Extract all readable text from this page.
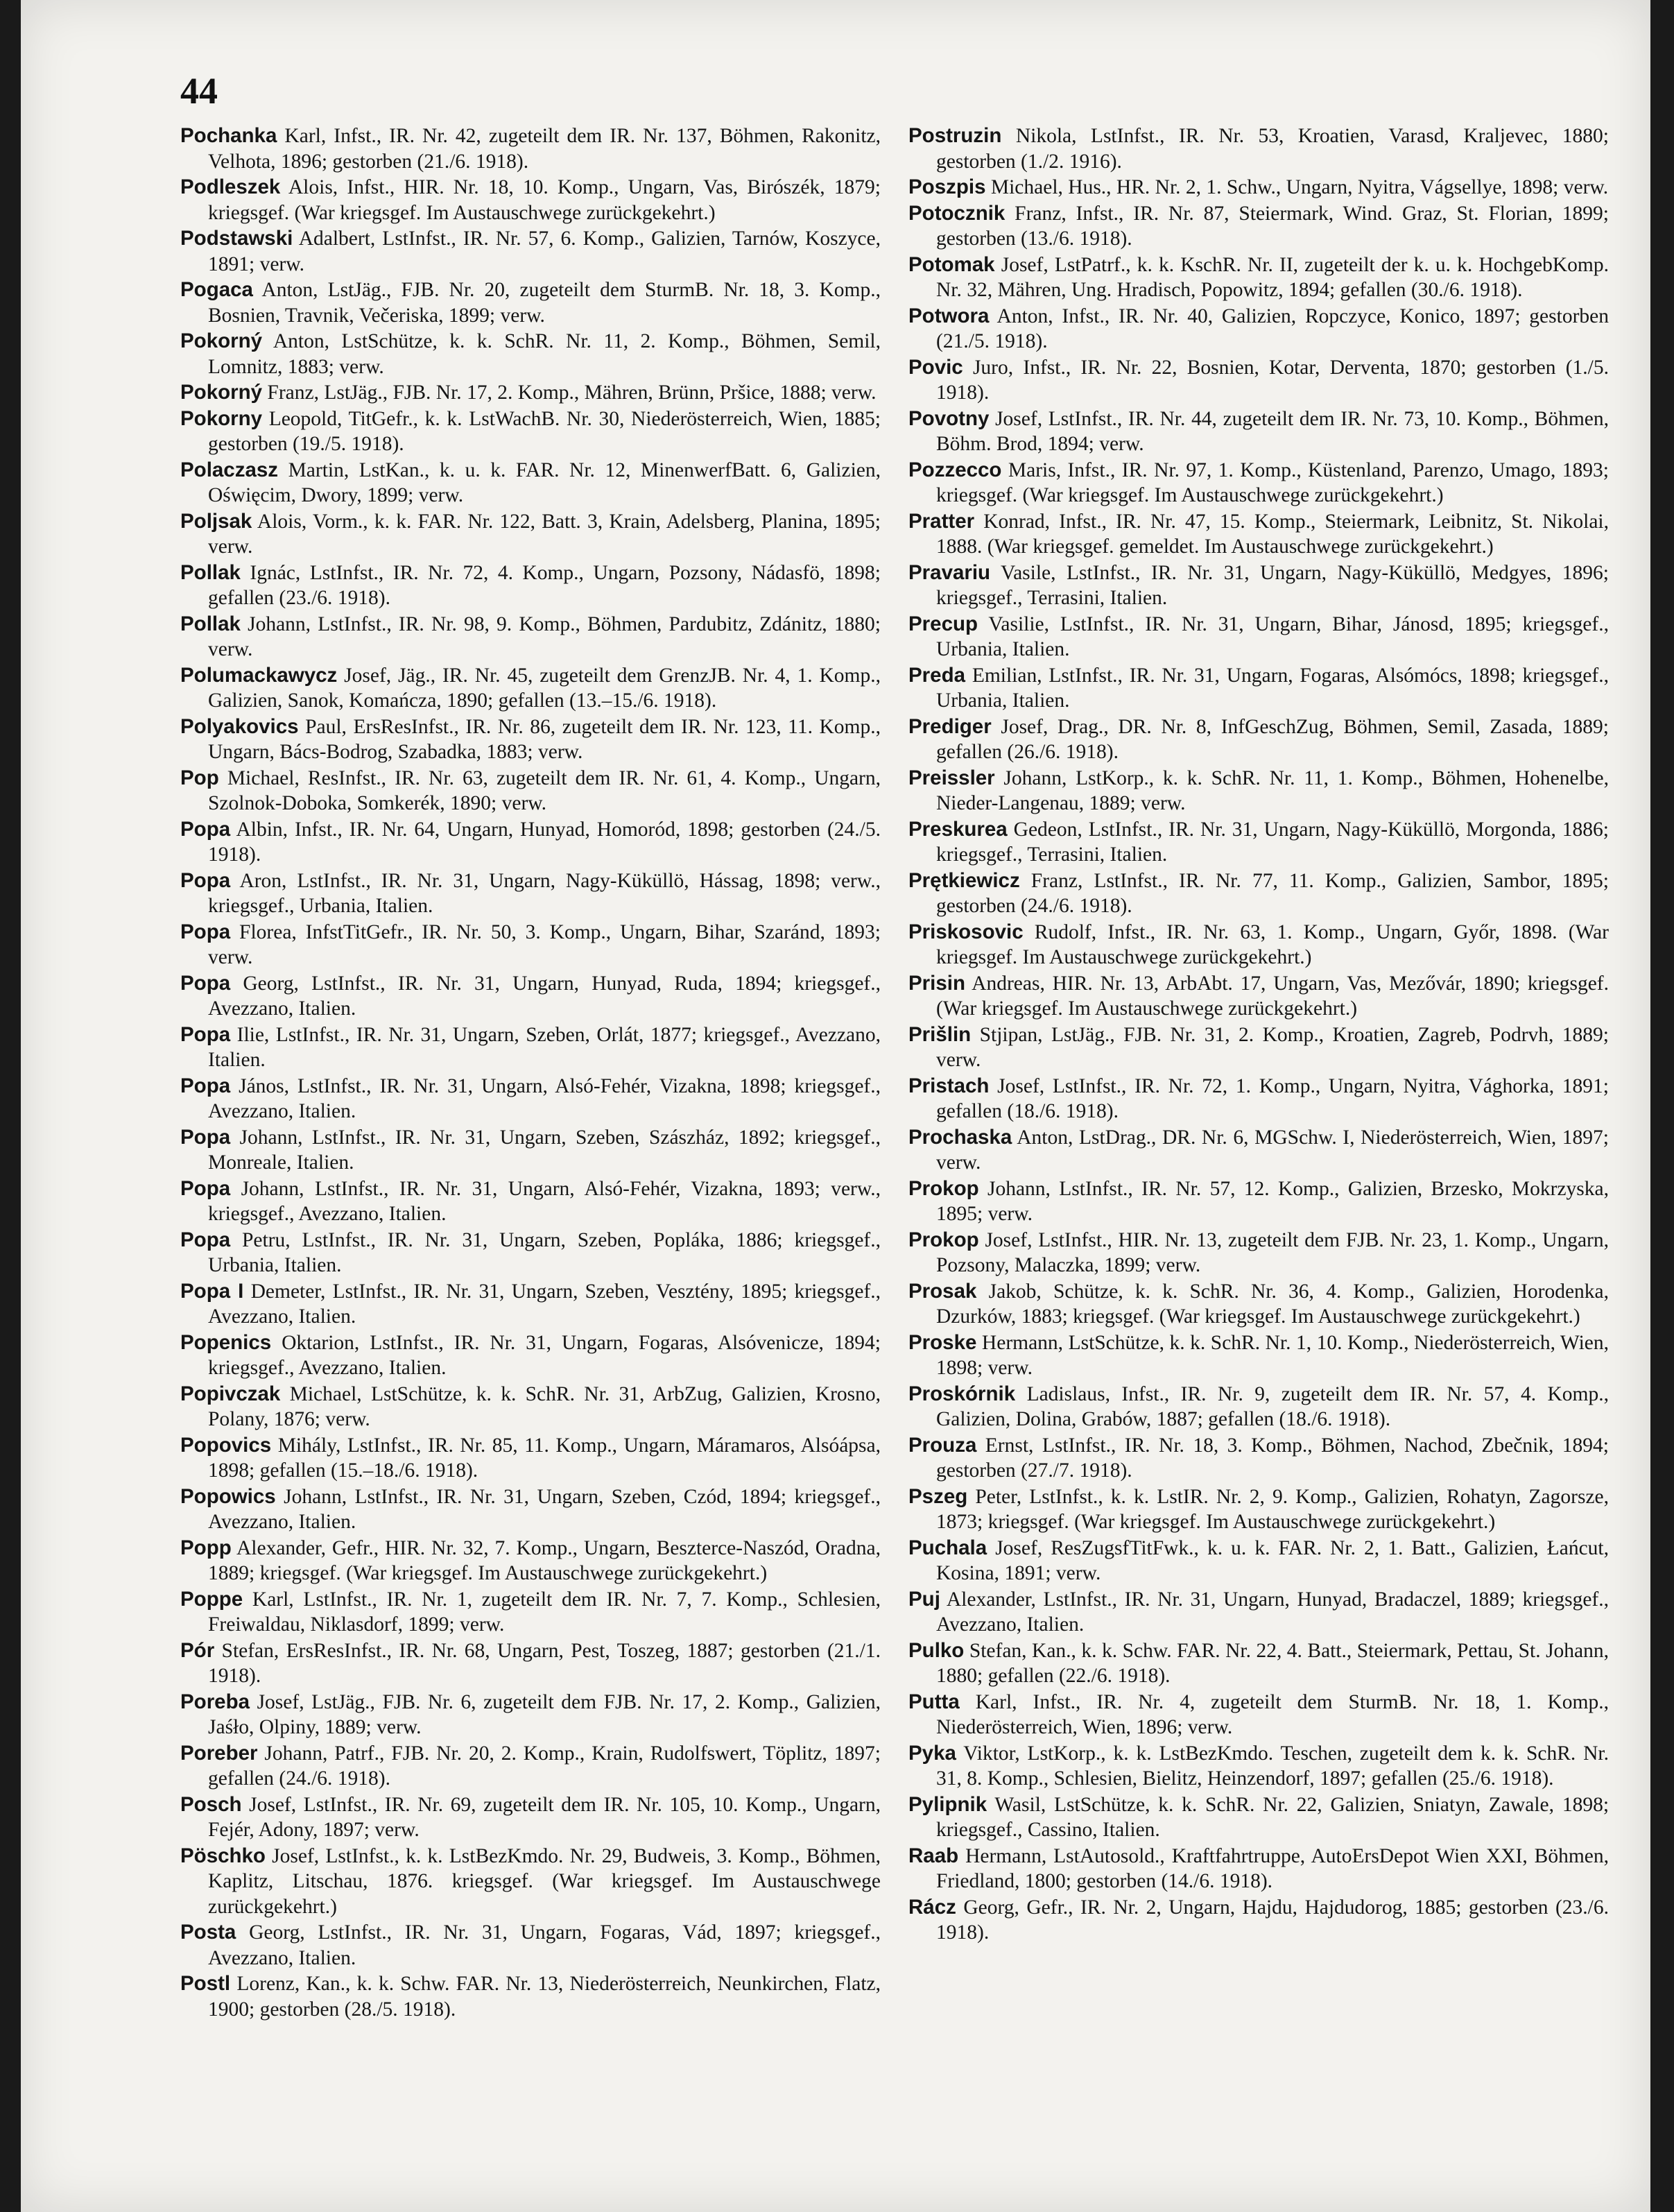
44

Pochanka Karl, Infst., IR. Nr. 42, zugeteilt dem IR. Nr. 137, Böhmen, Rakonitz, Velhota, 1896; gestorben (21./6. 1918).

Podleszek Alois, Infst., HIR. Nr. 18, 10. Komp., Ungarn, Vas, Birószék, 1879; kriegsgef. (War kriegsgef. Im Austauschwege zurückgekehrt.)

Podstawski Adalbert, LstInfst., IR. Nr. 57, 6. Komp., Galizien, Tarnów, Koszyce, 1891; verw.

Pogaca Anton, LstJäg., FJB. Nr. 20, zugeteilt dem SturmB. Nr. 18, 3. Komp., Bosnien, Travnik, Večeriska, 1899; verw.

Pokorný Anton, LstSchütze, k. k. SchR. Nr. 11, 2. Komp., Böhmen, Semil, Lomnitz, 1883; verw.

Pokorný Franz, LstJäg., FJB. Nr. 17, 2. Komp., Mähren, Brünn, Pršice, 1888; verw.

Pokorny Leopold, TitGefr., k. k. LstWachB. Nr. 30, Niederösterreich, Wien, 1885; gestorben (19./5. 1918).

Polaczasz Martin, LstKan., k. u. k. FAR. Nr. 12, MinenwerfBatt. 6, Galizien, Oświęcim, Dwory, 1899; verw.

Poljsak Alois, Vorm., k. k. FAR. Nr. 122, Batt. 3, Krain, Adelsberg, Planina, 1895; verw.

Pollak Ignác, LstInfst., IR. Nr. 72, 4. Komp., Ungarn, Pozsony, Nádasfö, 1898; gefallen (23./6. 1918).

Pollak Johann, LstInfst., IR. Nr. 98, 9. Komp., Böhmen, Pardubitz, Zdánitz, 1880; verw.

Polumackawycz Josef, Jäg., IR. Nr. 45, zugeteilt dem GrenzJB. Nr. 4, 1. Komp., Galizien, Sanok, Komańcza, 1890; gefallen (13.–15./6. 1918).

Polyakovics Paul, ErsResInfst., IR. Nr. 86, zugeteilt dem IR. Nr. 123, 11. Komp., Ungarn, Bács-Bodrog, Szabadka, 1883; verw.

Pop Michael, ResInfst., IR. Nr. 63, zugeteilt dem IR. Nr. 61, 4. Komp., Ungarn, Szolnok-Doboka, Somkerék, 1890; verw.

Popa Albin, Infst., IR. Nr. 64, Ungarn, Hunyad, Homoród, 1898; gestorben (24./5. 1918).

Popa Aron, LstInfst., IR. Nr. 31, Ungarn, Nagy-Küküllö, Hássag, 1898; verw., kriegsgef., Urbania, Italien.

Popa Florea, InfstTitGefr., IR. Nr. 50, 3. Komp., Ungarn, Bihar, Szaránd, 1893; verw.

Popa Georg, LstInfst., IR. Nr. 31, Ungarn, Hunyad, Ruda, 1894; kriegsgef., Avezzano, Italien.

Popa Ilie, LstInfst., IR. Nr. 31, Ungarn, Szeben, Orlát, 1877; kriegsgef., Avezzano, Italien.

Popa János, LstInfst., IR. Nr. 31, Ungarn, Alsó-Fehér, Vizakna, 1898; kriegsgef., Avezzano, Italien.

Popa Johann, LstInfst., IR. Nr. 31, Ungarn, Szeben, Szászház, 1892; kriegsgef., Monreale, Italien.

Popa Johann, LstInfst., IR. Nr. 31, Ungarn, Alsó-Fehér, Vizakna, 1893; verw., kriegsgef., Avezzano, Italien.

Popa Petru, LstInfst., IR. Nr. 31, Ungarn, Szeben, Popláka, 1886; kriegsgef., Urbania, Italien.

Popa I Demeter, LstInfst., IR. Nr. 31, Ungarn, Szeben, Vesztény, 1895; kriegsgef., Avezzano, Italien.

Popenics Oktarion, LstInfst., IR. Nr. 31, Ungarn, Fogaras, Alsóvenicze, 1894; kriegsgef., Avezzano, Italien.

Popivczak Michael, LstSchütze, k. k. SchR. Nr. 31, ArbZug, Galizien, Krosno, Polany, 1876; verw.

Popovics Mihály, LstInfst., IR. Nr. 85, 11. Komp., Ungarn, Máramaros, Alsóápsa, 1898; gefallen (15.–18./6. 1918).

Popowics Johann, LstInfst., IR. Nr. 31, Ungarn, Szeben, Czód, 1894; kriegsgef., Avezzano, Italien.

Popp Alexander, Gefr., HIR. Nr. 32, 7. Komp., Ungarn, Beszterce-Naszód, Oradna, 1889; kriegsgef. (War kriegsgef. Im Austauschwege zurückgekehrt.)

Poppe Karl, LstInfst., IR. Nr. 1, zugeteilt dem IR. Nr. 7, 7. Komp., Schlesien, Freiwaldau, Niklasdorf, 1899; verw.

Pór Stefan, ErsResInfst., IR. Nr. 68, Ungarn, Pest, Toszeg, 1887; gestorben (21./1. 1918).

Poreba Josef, LstJäg., FJB. Nr. 6, zugeteilt dem FJB. Nr. 17, 2. Komp., Galizien, Jaśło, Olpiny, 1889; verw.

Poreber Johann, Patrf., FJB. Nr. 20, 2. Komp., Krain, Rudolfswert, Töplitz, 1897; gefallen (24./6. 1918).

Posch Josef, LstInfst., IR. Nr. 69, zugeteilt dem IR. Nr. 105, 10. Komp., Ungarn, Fejér, Adony, 1897; verw.

Pöschko Josef, LstInfst., k. k. LstBezKmdo. Nr. 29, Budweis, 3. Komp., Böhmen, Kaplitz, Litschau, 1876. kriegsgef. (War kriegsgef. Im Austauschwege zurückgekehrt.)

Posta Georg, LstInfst., IR. Nr. 31, Ungarn, Fogaras, Vád, 1897; kriegsgef., Avezzano, Italien.

Postl Lorenz, Kan., k. k. Schw. FAR. Nr. 13, Niederösterreich, Neunkirchen, Flatz, 1900; gestorben (28./5. 1918).

Postruzin Nikola, LstInfst., IR. Nr. 53, Kroatien, Varasd, Kraljevec, 1880; gestorben (1./2. 1916).

Poszpis Michael, Hus., HR. Nr. 2, 1. Schw., Ungarn, Nyitra, Vágsellye, 1898; verw.

Potocznik Franz, Infst., IR. Nr. 87, Steiermark, Wind. Graz, St. Florian, 1899; gestorben (13./6. 1918).

Potomak Josef, LstPatrf., k. k. KschR. Nr. II, zugeteilt der k. u. k. HochgebKomp. Nr. 32, Mähren, Ung. Hradisch, Popowitz, 1894; gefallen (30./6. 1918).

Potwora Anton, Infst., IR. Nr. 40, Galizien, Ropczyce, Konico, 1897; gestorben (21./5. 1918).

Povic Juro, Infst., IR. Nr. 22, Bosnien, Kotar, Derventa, 1870; gestorben (1./5. 1918).

Povotny Josef, LstInfst., IR. Nr. 44, zugeteilt dem IR. Nr. 73, 10. Komp., Böhmen, Böhm. Brod, 1894; verw.

Pozzecco Maris, Infst., IR. Nr. 97, 1. Komp., Küstenland, Parenzo, Umago, 1893; kriegsgef. (War kriegsgef. Im Austauschwege zurückgekehrt.)

Pratter Konrad, Infst., IR. Nr. 47, 15. Komp., Steiermark, Leibnitz, St. Nikolai, 1888. (War kriegsgef. gemeldet. Im Austauschwege zurückgekehrt.)

Pravariu Vasile, LstInfst., IR. Nr. 31, Ungarn, Nagy-Küküllö, Medgyes, 1896; kriegsgef., Terrasini, Italien.

Precup Vasilie, LstInfst., IR. Nr. 31, Ungarn, Bihar, Jánosd, 1895; kriegsgef., Urbania, Italien.

Preda Emilian, LstInfst., IR. Nr. 31, Ungarn, Fogaras, Alsómócs, 1898; kriegsgef., Urbania, Italien.

Prediger Josef, Drag., DR. Nr. 8, InfGeschZug, Böhmen, Semil, Zasada, 1889; gefallen (26./6. 1918).

Preissler Johann, LstKorp., k. k. SchR. Nr. 11, 1. Komp., Böhmen, Hohenelbe, Nieder-Langenau, 1889; verw.

Preskurea Gedeon, LstInfst., IR. Nr. 31, Ungarn, Nagy-Küküllö, Morgonda, 1886; kriegsgef., Terrasini, Italien.

Prętkiewicz Franz, LstInfst., IR. Nr. 77, 11. Komp., Galizien, Sambor, 1895; gestorben (24./6. 1918).

Priskosovic Rudolf, Infst., IR. Nr. 63, 1. Komp., Ungarn, Győr, 1898. (War kriegsgef. Im Austauschwege zurückgekehrt.)

Prisin Andreas, HIR. Nr. 13, ArbAbt. 17, Ungarn, Vas, Mezővár, 1890; kriegsgef. (War kriegsgef. Im Austauschwege zurückgekehrt.)

Prišlin Stjipan, LstJäg., FJB. Nr. 31, 2. Komp., Kroatien, Zagreb, Podrvh, 1889; verw.

Pristach Josef, LstInfst., IR. Nr. 72, 1. Komp., Ungarn, Nyitra, Vághorka, 1891; gefallen (18./6. 1918).

Prochaska Anton, LstDrag., DR. Nr. 6, MGSchw. I, Niederösterreich, Wien, 1897; verw.

Prokop Johann, LstInfst., IR. Nr. 57, 12. Komp., Galizien, Brzesko, Mokrzyska, 1895; verw.

Prokop Josef, LstInfst., HIR. Nr. 13, zugeteilt dem FJB. Nr. 23, 1. Komp., Ungarn, Pozsony, Malaczka, 1899; verw.

Prosak Jakob, Schütze, k. k. SchR. Nr. 36, 4. Komp., Galizien, Horodenka, Dzurków, 1883; kriegsgef. (War kriegsgef. Im Austauschwege zurückgekehrt.)

Proske Hermann, LstSchütze, k. k. SchR. Nr. 1, 10. Komp., Niederösterreich, Wien, 1898; verw.

Proskórnik Ladislaus, Infst., IR. Nr. 9, zugeteilt dem IR. Nr. 57, 4. Komp., Galizien, Dolina, Grabów, 1887; gefallen (18./6. 1918).

Prouza Ernst, LstInfst., IR. Nr. 18, 3. Komp., Böhmen, Nachod, Zbečnik, 1894; gestorben (27./7. 1918).

Pszeg Peter, LstInfst., k. k. LstIR. Nr. 2, 9. Komp., Galizien, Rohatyn, Zagorsze, 1873; kriegsgef. (War kriegsgef. Im Austauschwege zurückgekehrt.)

Puchala Josef, ResZugsfTitFwk., k. u. k. FAR. Nr. 2, 1. Batt., Galizien, Łańcut, Kosina, 1891; verw.

Puj Alexander, LstInfst., IR. Nr. 31, Ungarn, Hunyad, Bradaczel, 1889; kriegsgef., Avezzano, Italien.

Pulko Stefan, Kan., k. k. Schw. FAR. Nr. 22, 4. Batt., Steiermark, Pettau, St. Johann, 1880; gefallen (22./6. 1918).

Putta Karl, Infst., IR. Nr. 4, zugeteilt dem SturmB. Nr. 18, 1. Komp., Niederösterreich, Wien, 1896; verw.

Pyka Viktor, LstKorp., k. k. LstBezKmdo. Teschen, zugeteilt dem k. k. SchR. Nr. 31, 8. Komp., Schlesien, Bielitz, Heinzendorf, 1897; gefallen (25./6. 1918).

Pylipnik Wasil, LstSchütze, k. k. SchR. Nr. 22, Galizien, Sniatyn, Zawale, 1898; kriegsgef., Cassino, Italien.

Raab Hermann, LstAutosold., Kraftfahrtruppe, AutoErsDepot Wien XXI, Böhmen, Friedland, 1800; gestorben (14./6. 1918).

Rácz Georg, Gefr., IR. Nr. 2, Ungarn, Hajdu, Hajdudorog, 1885; gestorben (23./6. 1918).
